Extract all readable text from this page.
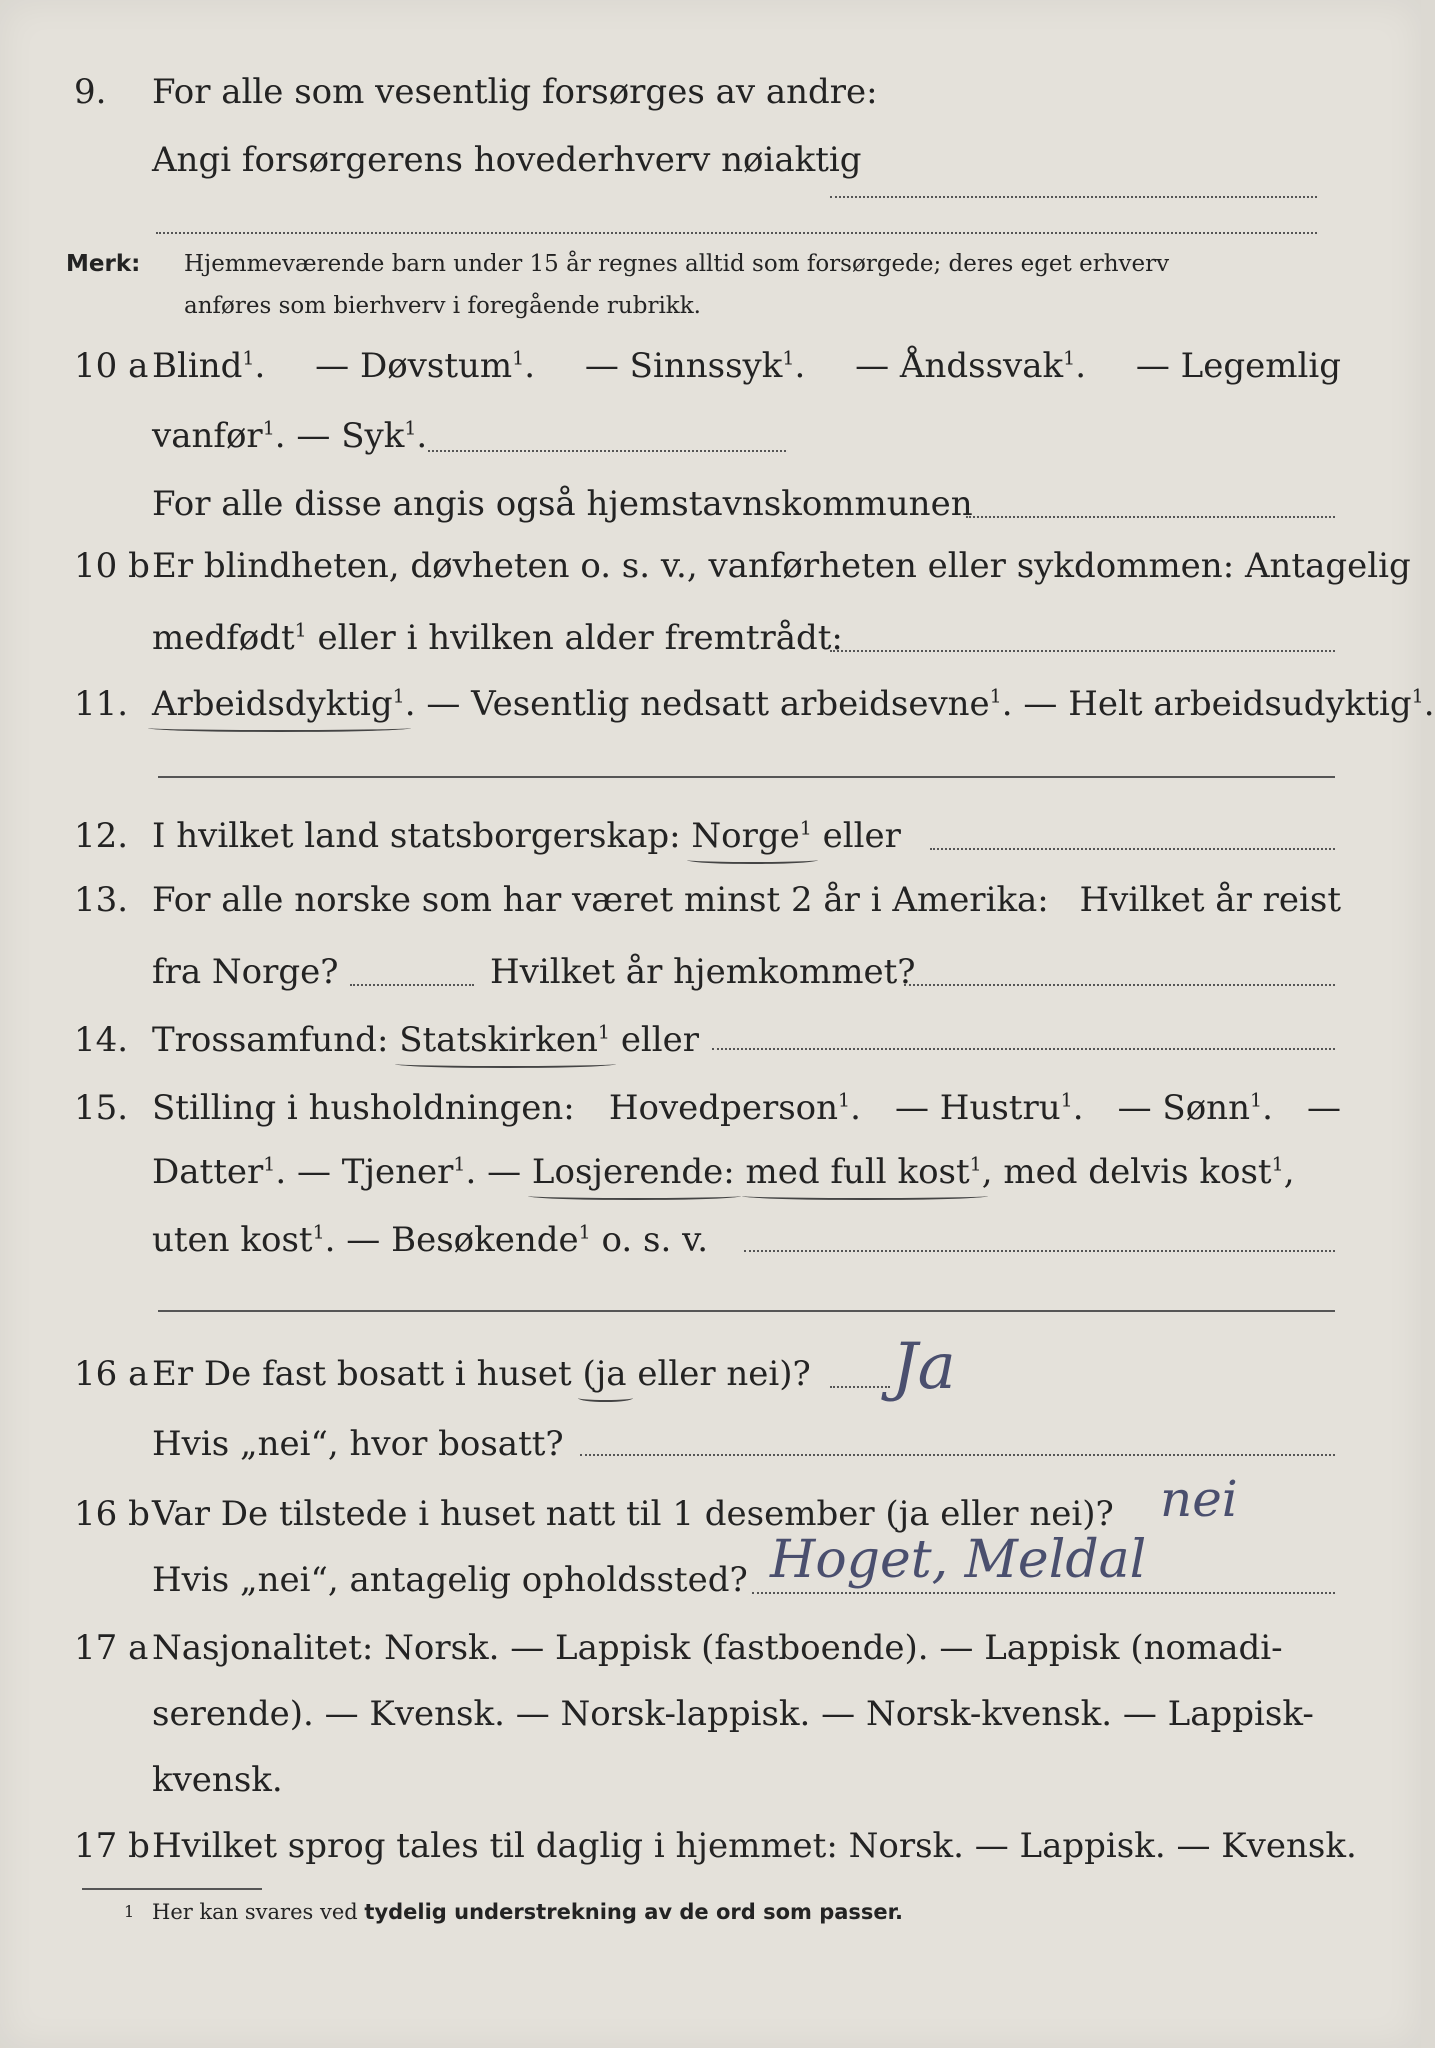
9. For alle som vesentlig forsørges av andre:
Angi forsørgerens hovederhverv nøiaktig
Merk: Hjemmeværende barn under 15 år regnes alltid som forsørgede; deres eget erhverv
anføres som bierhverv i foregående rubrikk.
10 a Blind$^1$. — Døvstum$^1$. — Sinnssyk$^1$. — Åndssvak$^1$. — Legemlig
vanfør$^1$. — Syk$^1$.
For alle disse angis også hjemstavnskommunen
10 b Er blindheten, døvheten o. s. v., vanførheten eller sykdommen: Antagelig
medfødt$^1$ eller i hvilken alder fremtrådt:
11. Arbeidsdyktig$^1$. — Vesentlig nedsatt arbeidsevne$^1$. — Helt arbeidsudyktig$^1$.
12. I hvilket land statsborgerskap: Norge$^1$ eller
13. For alle norske som har været minst 2 år i Amerika: Hvilket år reist
fra Norge?	Hvilket år hjemkommet?
14. Trossamfund: Statskirken$^1$ eller
15. Stilling i husholdningen: Hovedperson$^1$. — Hustru$^1$. — Sønn$^1$. —
Datter$^1$. — Tjener$^1$. — Losjerende: med full kost$^1$, med delvis kost$^1$,
uten kost$^1$. — Besøkende$^1$ o. s. v.
16 a Er De fast bosatt i huset (ja eller nei)? Ja
Hvis „nei“, hvor bosatt?
16 b Var De tilstede i huset natt til 1 desember (ja eller nei)? nei
Hvis „nei“, antagelig opholdssted? Hoget, Meldal
17 a Nasjonalitet: Norsk. — Lappisk (fastboende). — Lappisk (nomadi-
serende). — Kvensk. — Norsk-lappisk. — Norsk-kvensk. — Lappisk-
kvensk.
17 b Hvilket sprog tales til daglig i hjemmet: Norsk. — Lappisk. — Kvensk.
1 Her kan svares ved tydelig understrekning av de ord som passer.
